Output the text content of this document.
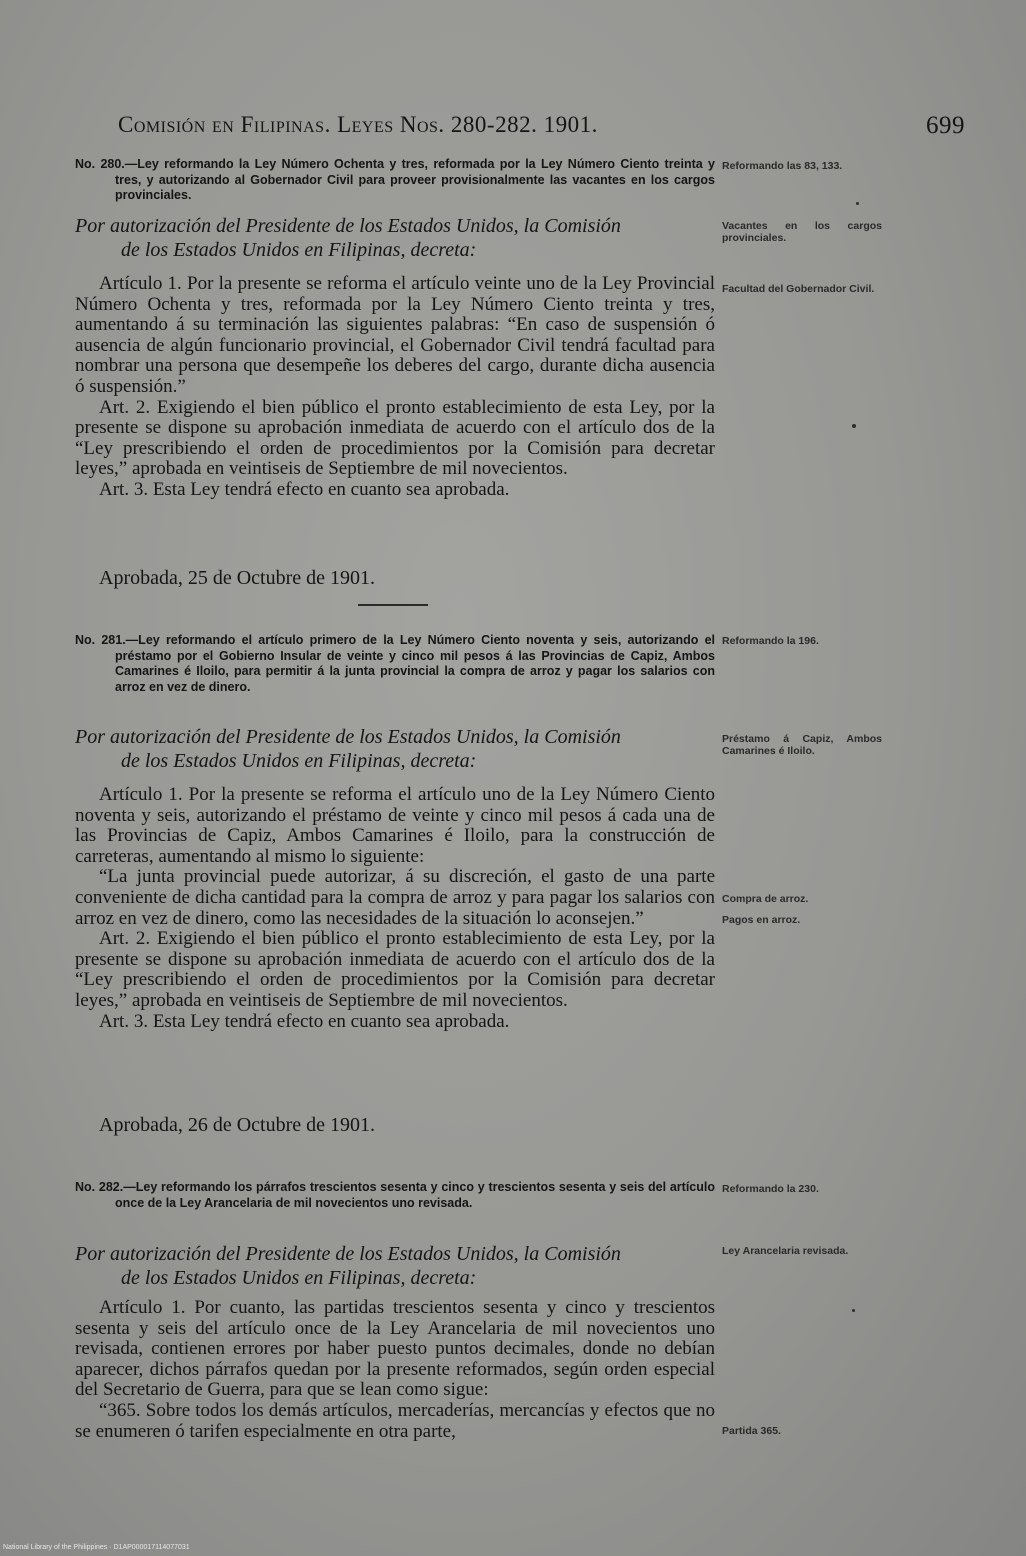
Comisión en Filipinas. Leyes Nos. 280-282. 1901.	699
No. 280.—Ley reformando la Ley Número Ochenta y tres, reformada por la Ley Número Ciento treinta y tres, y autorizando al Gobernador Civil para proveer provisionalmente las vacantes en los cargos provinciales.
Por autorización del Presidente de los Estados Unidos, la Comisión
de los Estados Unidos en Filipinas, decreta:

Artículo 1. Por la presente se reforma el artículo veinte uno de la Ley Provincial Número Ochenta y tres, reformada por la Ley Número Ciento treinta y tres, aumentando á su terminación las siguientes palabras: “En caso de suspensión ó ausencia de algún funcionario provincial, el Gobernador Civil tendrá facultad para nombrar una persona que desempeñe los deberes del cargo, durante dicha ausencia ó suspensión.”

Art. 2. Exigiendo el bien público el pronto establecimiento de esta Ley, por la presente se dispone su aprobación inmediata de acuerdo con el artículo dos de la “Ley prescribiendo el orden de procedimientos por la Comisión para decretar leyes,” aprobada en veintiseis de Septiembre de mil novecientos.

Art. 3. Esta Ley tendrá efecto en cuanto sea aprobada.

Aprobada, 25 de Octubre de 1901.
No. 281.—Ley reformando el artículo primero de la Ley Número Ciento noventa y seis, autorizando el préstamo por el Gobierno Insular de veinte y cinco mil pesos á las Provincias de Capiz, Ambos Camarines é Iloilo, para permitir á la junta provincial la compra de arroz y pagar los salarios con arroz en vez de dinero.
Por autorización del Presidente de los Estados Unidos, la Comisión
de los Estados Unidos en Filipinas, decreta:

Artículo 1. Por la presente se reforma el artículo uno de la Ley Número Ciento noventa y seis, autorizando el préstamo de veinte y cinco mil pesos á cada una de las Provincias de Capiz, Ambos Camarines é Iloilo, para la construcción de carreteras, aumentando al mismo lo siguiente:

“La junta provincial puede autorizar, á su discreción, el gasto de una parte conveniente de dicha cantidad para la compra de arroz y para pagar los salarios con arroz en vez de dinero, como las necesidades de la situación lo aconsejen.”

Art. 2. Exigiendo el bien público el pronto establecimiento de esta Ley, por la presente se dispone su aprobación inmediata de acuerdo con el artículo dos de la “Ley prescribiendo el orden de procedimientos por la Comisión para decretar leyes,” aprobada en veintiseis de Septiembre de mil novecientos.

Art. 3. Esta Ley tendrá efecto en cuanto sea aprobada.

Aprobada, 26 de Octubre de 1901.
No. 282.—Ley reformando los párrafos trescientos sesenta y cinco y trescientos sesenta y seis del artículo once de la Ley Arancelaria de mil novecientos uno revisada.
Por autorización del Presidente de los Estados Unidos, la Comisión
de los Estados Unidos en Filipinas, decreta:

Artículo 1. Por cuanto, las partidas trescientos sesenta y cinco y trescientos sesenta y seis del artículo once de la Ley Arancelaria de mil novecientos uno revisada, contienen errores por haber puesto puntos decimales, donde no debían aparecer, dichos párrafos quedan por la presente reformados, según orden especial del Secretario de Guerra, para que se lean como sigue:

“365. Sobre todos los demás artículos, mercaderías, mercancías y efectos que no se enumeren ó tarifen especialmente en otra parte,

Reformando las 83, 133.
Vacantes en los cargos provinciales.
Facultad del Gobernador Civil.
Reformando la 196.
Préstamo á Capiz, Ambos Camarines é Iloilo.
Compra de arroz.
Pagos en arroz.
Reformando la 230.
Ley Arancelaria revisada.
Partida 365.
National Library of the Philippines · D1AP000017114077031
